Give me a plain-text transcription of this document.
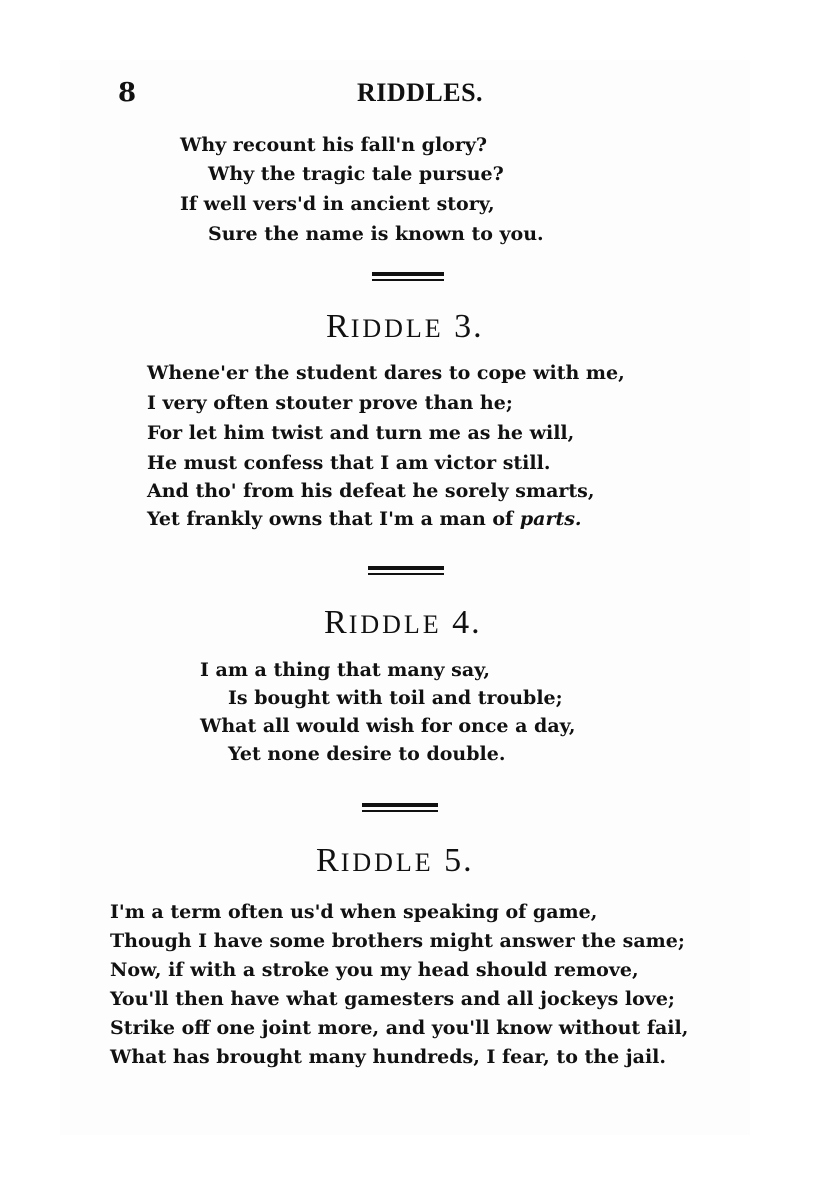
8	RIDDLES.
Why recount his fall'n glory?
Why the tragic tale pursue?
If well vers'd in ancient story,
Sure the name is known to you.
RIDDLE 3.
Whene'er the student dares to cope with me,
I very often stouter prove than he;
For let him twist and turn me as he will,
He must confess that I am victor still.
And tho' from his defeat he sorely smarts,
Yet frankly owns that I'm a man of parts.
RIDDLE 4.
I am a thing that many say,
Is bought with toil and trouble;
What all would wish for once a day,
Yet none desire to double.
RIDDLE 5.
I'm a term often us'd when speaking of game,
Though I have some brothers might answer the same;
Now, if with a stroke you my head should remove,
You'll then have what gamesters and all jockeys love;
Strike off one joint more, and you'll know without fail,
What has brought many hundreds, I fear, to the jail.
